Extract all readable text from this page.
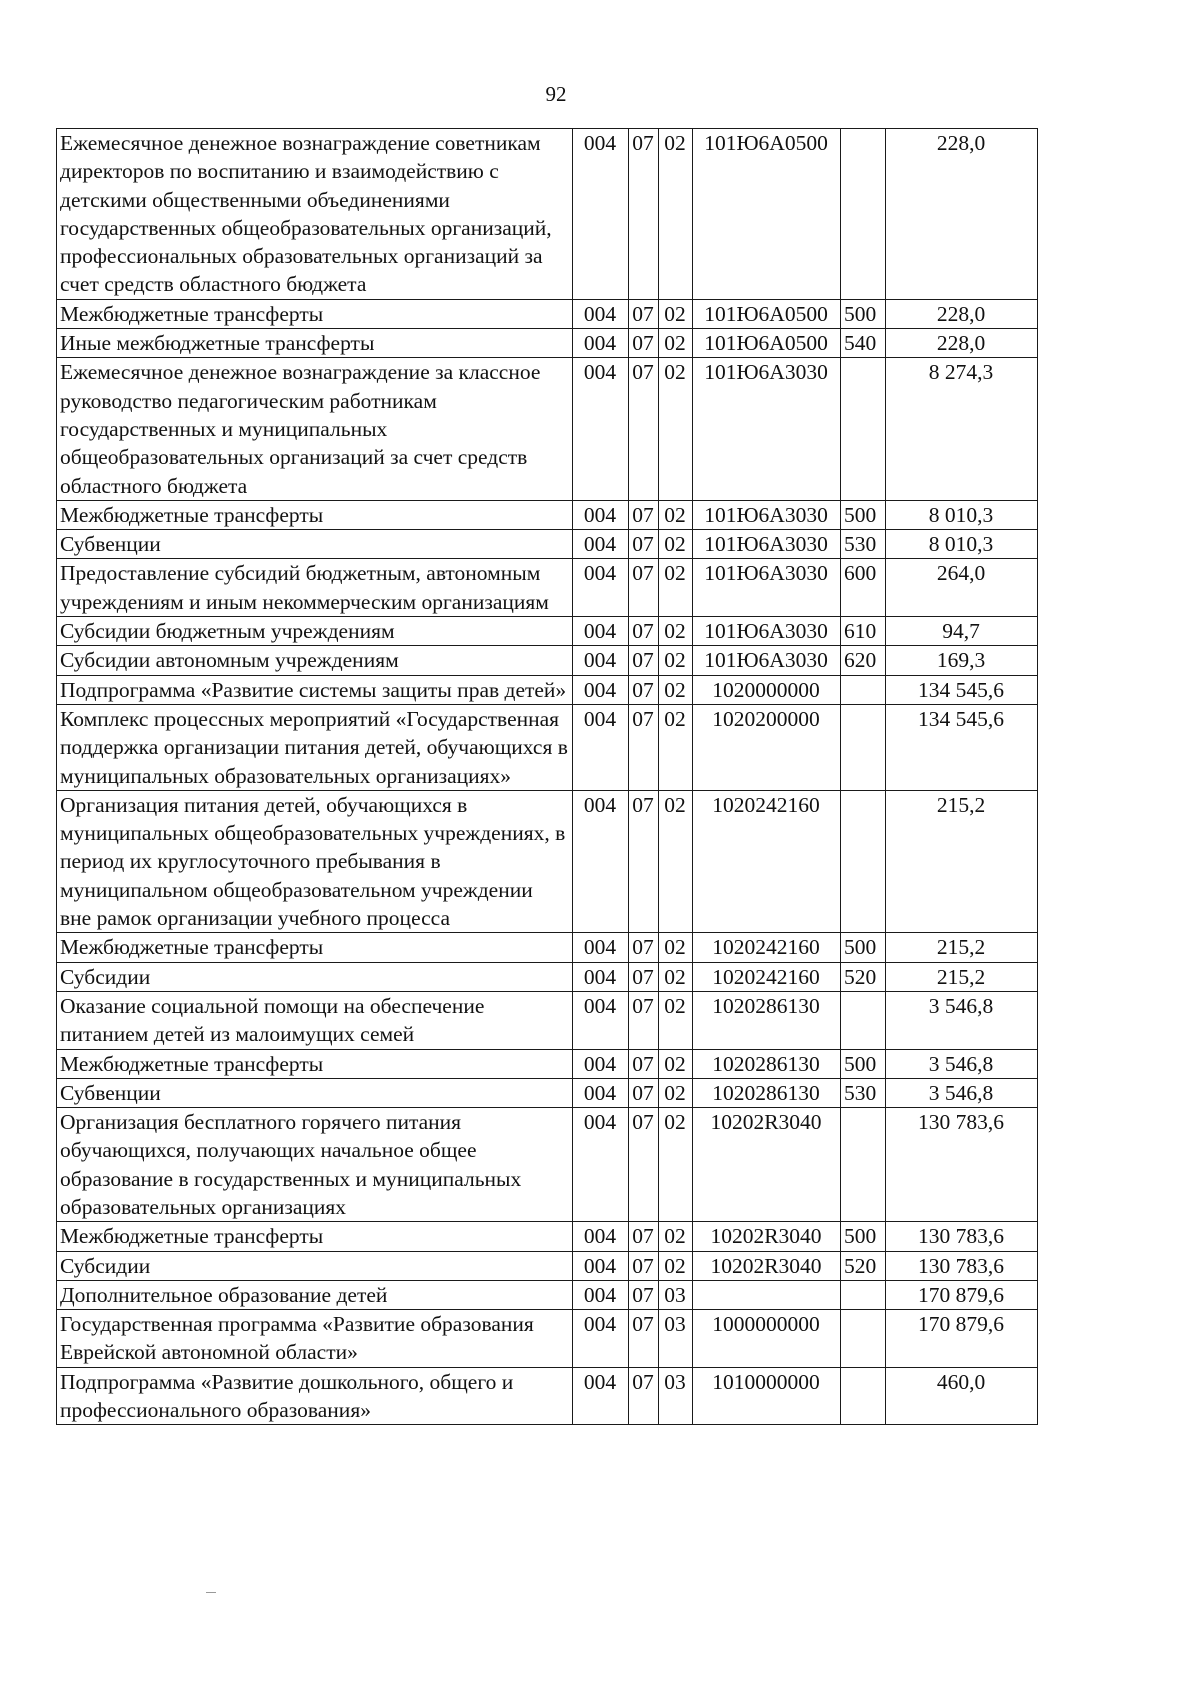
92
Ежемесячное денежное вознаграждение советникам директоров по воспитанию и взаимодействию с детскими общественными объединениями государственных общеобразовательных организаций, профессиональных образовательных организаций за счет средств областного бюджета	004	07	02	101Ю6А0500		228,0
Межбюджетные трансферты	004	07	02	101Ю6А0500	500	228,0
Иные межбюджетные трансферты	004	07	02	101Ю6А0500	540	228,0
Ежемесячное денежное вознаграждение за классное руководство педагогическим работникам государственных и муниципальных общеобразовательных организаций за счет средств областного бюджета	004	07	02	101Ю6А3030		8 274,3
Межбюджетные трансферты	004	07	02	101Ю6А3030	500	8 010,3
Субвенции	004	07	02	101Ю6А3030	530	8 010,3
Предоставление субсидий бюджетным, автономным учреждениям и иным некоммерческим организациям	004	07	02	101Ю6А3030	600	264,0
Субсидии бюджетным учреждениям	004	07	02	101Ю6А3030	610	94,7
Субсидии автономным учреждениям	004	07	02	101Ю6А3030	620	169,3
Подпрограмма «Развитие системы защиты прав детей»	004	07	02	1020000000		134 545,6
Комплекс процессных мероприятий «Государственная поддержка организации питания детей, обучающихся в муниципальных образовательных организациях»	004	07	02	1020200000		134 545,6
Организация питания детей, обучающихся в муниципальных общеобразовательных учреждениях, в период их круглосуточного пребывания в муниципальном общеобразовательном учреждении вне рамок организации учебного процесса	004	07	02	1020242160		215,2
Межбюджетные трансферты	004	07	02	1020242160	500	215,2
Субсидии	004	07	02	1020242160	520	215,2
Оказание социальной помощи на обеспечение питанием детей из малоимущих семей	004	07	02	1020286130		3 546,8
Межбюджетные трансферты	004	07	02	1020286130	500	3 546,8
Субвенции	004	07	02	1020286130	530	3 546,8
Организация бесплатного горячего питания обучающихся, получающих начальное общее образование в государственных и муниципальных образовательных организациях	004	07	02	10202R3040		130 783,6
Межбюджетные трансферты	004	07	02	10202R3040	500	130 783,6
Субсидии	004	07	02	10202R3040	520	130 783,6
Дополнительное образование детей	004	07	03			170 879,6
Государственная программа «Развитие образования Еврейской автономной области»	004	07	03	1000000000		170 879,6
Подпрограмма «Развитие дошкольного, общего и профессионального образования»	004	07	03	1010000000		460,0
